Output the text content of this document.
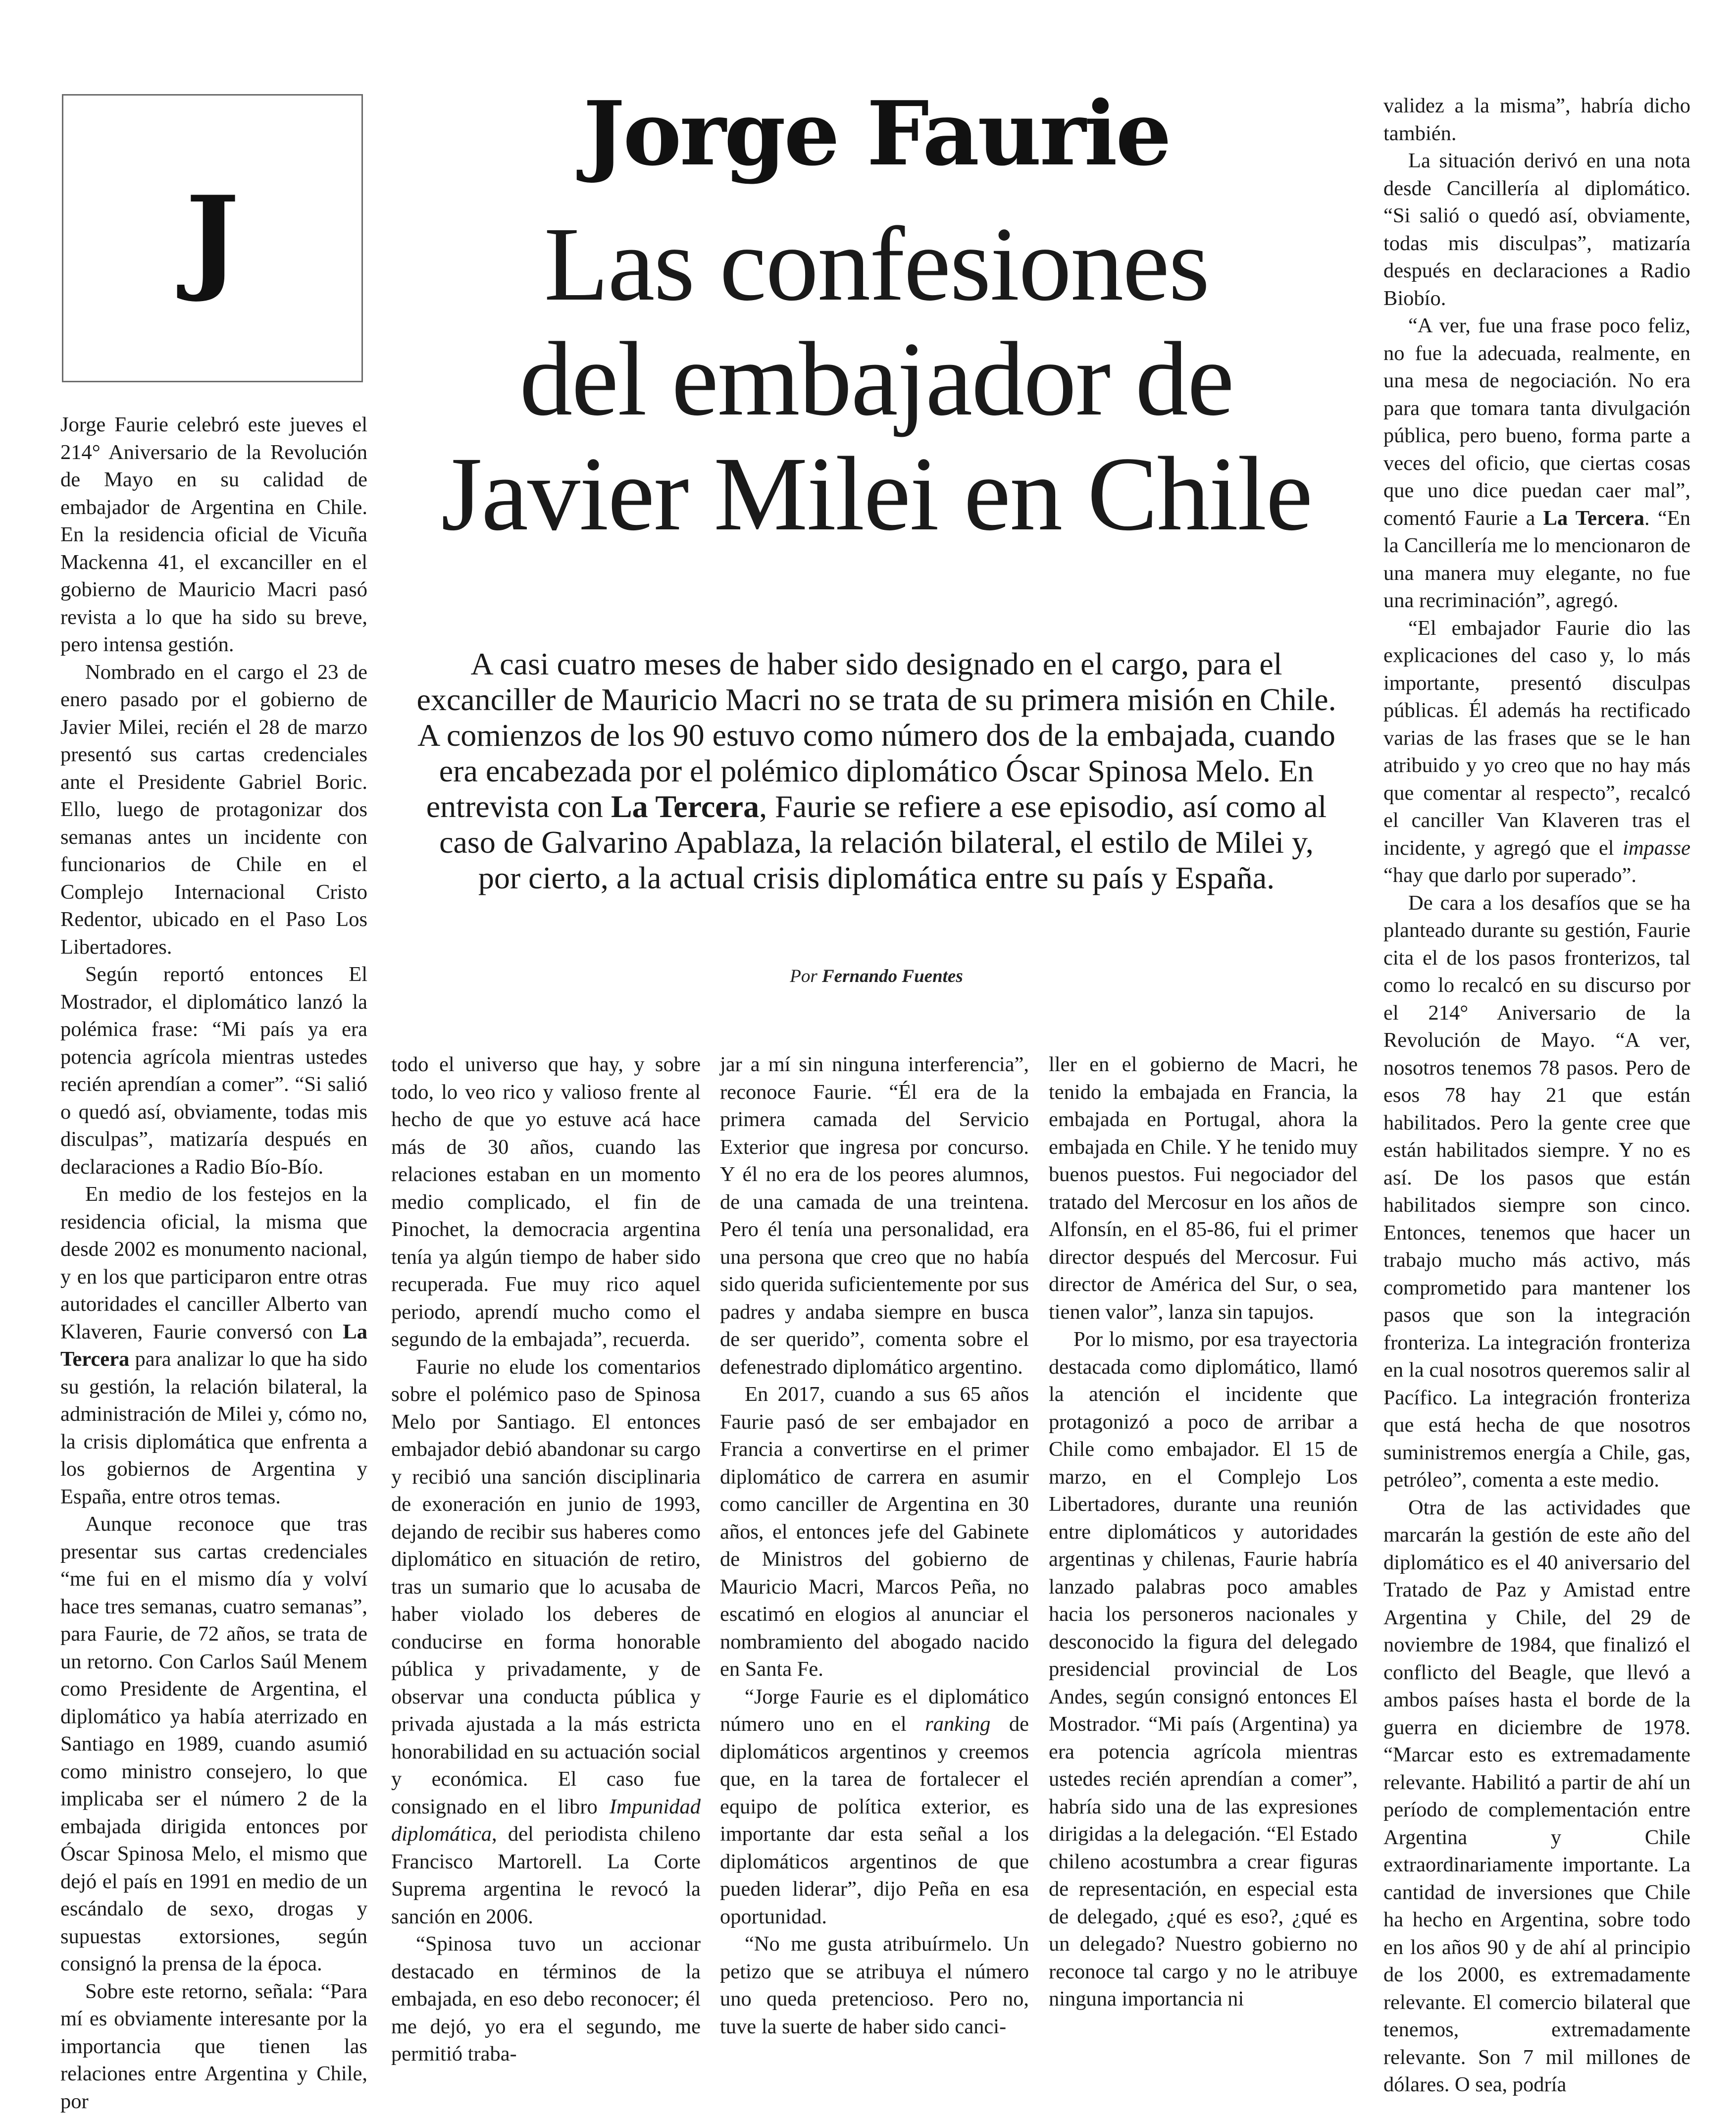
J
Jorge Faurie
Las confesiones
del embajador de
Javier Milei en Chile
A casi cuatro meses de haber sido designado en el cargo, para el excanciller de Mauricio Macri no se trata de su primera misión en Chile. A comienzos de los 90 estuvo como número dos de la embajada, cuando era encabezada por el polémico diplomático Óscar Spinosa Melo. En entrevista con La Tercera, Faurie se refiere a ese episodio, así como al caso de Galvarino Apablaza, la relación bilateral, el estilo de Milei y, por cierto, a la actual crisis diplomática entre su país y España.
Por Fernando Fuentes

Jorge Faurie celebró este jueves el 214° Aniversario de la Revolución de Mayo en su calidad de embajador de Argentina en Chile. En la residencia oficial de Vicuña Mackenna 41, el excanciller en el gobierno de Mauricio Macri pasó revista a lo que ha sido su breve, pero intensa gestión.

Nombrado en el cargo el 23 de enero pasado por el gobierno de Javier Milei, recién el 28 de marzo presentó sus cartas credenciales ante el Presidente Gabriel Boric. Ello, luego de protagonizar dos semanas antes un incidente con funcionarios de Chile en el Complejo Internacional Cristo Redentor, ubicado en el Paso Los Libertadores.

Según reportó entonces El Mostrador, el diplomático lanzó la polémica frase: “Mi país ya era potencia agrícola mientras ustedes recién aprendían a comer”. “Si salió o quedó así, obviamente, todas mis disculpas”, matizaría después en declaraciones a Radio Bío-Bío.

En medio de los festejos en la residencia oficial, la misma que desde 2002 es monumento nacional, y en los que participaron entre otras autoridades el canciller Alberto van Klaveren, Faurie conversó con La Tercera para analizar lo que ha sido su gestión, la relación bilateral, la administración de Milei y, cómo no, la crisis diplomática que enfrenta a los gobiernos de Argentina y España, entre otros temas.

Aunque reconoce que tras presentar sus cartas credenciales “me fui en el mismo día y volví hace tres semanas, cuatro semanas”, para Faurie, de 72 años, se trata de un retorno. Con Carlos Saúl Menem como Presidente de Argentina, el diplomático ya había aterrizado en Santiago en 1989, cuando asumió como ministro consejero, lo que implicaba ser el número 2 de la embajada dirigida entonces por Óscar Spinosa Melo, el mismo que dejó el país en 1991 en medio de un escándalo de sexo, drogas y supuestas extorsiones, según consignó la prensa de la época.

Sobre este retorno, señala: “Para mí es obviamente interesante por la importancia que tienen las relaciones entre Argentina y Chile, por

todo el universo que hay, y sobre todo, lo veo rico y valioso frente al hecho de que yo estuve acá hace más de 30 años, cuando las relaciones estaban en un momento medio complicado, el fin de Pinochet, la democracia argentina tenía ya algún tiempo de haber sido recuperada. Fue muy rico aquel periodo, aprendí mucho como el segundo de la embajada”, recuerda.

Faurie no elude los comentarios sobre el polémico paso de Spinosa Melo por Santiago. El entonces embajador debió abandonar su cargo y recibió una sanción disciplinaria de exoneración en junio de 1993, dejando de recibir sus haberes como diplomático en situación de retiro, tras un sumario que lo acusaba de haber violado los deberes de conducirse en forma honorable pública y privadamente, y de observar una conducta pública y privada ajustada a la más estricta honorabilidad en su actuación social y económica. El caso fue consignado en el libro Impunidad diplomática, del periodista chileno Francisco Martorell. La Corte Suprema argentina le revocó la sanción en 2006.

“Spinosa tuvo un accionar destacado en términos de la embajada, en eso debo reconocer; él me dejó, yo era el segundo, me permitió traba-

jar a mí sin ninguna interferencia”, reconoce Faurie. “Él era de la primera camada del Servicio Exterior que ingresa por concurso. Y él no era de los peores alumnos, de una camada de una treintena. Pero él tenía una personalidad, era una persona que creo que no había sido querida suficientemente por sus padres y andaba siempre en busca de ser querido”, comenta sobre el defenestrado diplomático argentino.

En 2017, cuando a sus 65 años Faurie pasó de ser embajador en Francia a convertirse en el primer diplomático de carrera en asumir como canciller de Argentina en 30 años, el entonces jefe del Gabinete de Ministros del gobierno de Mauricio Macri, Marcos Peña, no escatimó en elogios al anunciar el nombramiento del abogado nacido en Santa Fe.

“Jorge Faurie es el diplomático número uno en el ranking de diplomáticos argentinos y creemos que, en la tarea de fortalecer el equipo de política exterior, es importante dar esta señal a los diplomáticos argentinos de que pueden liderar”, dijo Peña en esa oportunidad.

“No me gusta atribuírmelo. Un petizo que se atribuya el número uno queda pretencioso. Pero no, tuve la suerte de haber sido canci-

ller en el gobierno de Macri, he tenido la embajada en Francia, la embajada en Portugal, ahora la embajada en Chile. Y he tenido muy buenos puestos. Fui negociador del tratado del Mercosur en los años de Alfonsín, en el 85-86, fui el primer director después del Mercosur. Fui director de América del Sur, o sea, tienen valor”, lanza sin tapujos.

Por lo mismo, por esa trayectoria destacada como diplomático, llamó la atención el incidente que protagonizó a poco de arribar a Chile como embajador. El 15 de marzo, en el Complejo Los Libertadores, durante una reunión entre diplomáticos y autoridades argentinas y chilenas, Faurie habría lanzado palabras poco amables hacia los personeros nacionales y desconocido la figura del delegado presidencial provincial de Los Andes, según consignó entonces El Mostrador. “Mi país (Argentina) ya era potencia agrícola mientras ustedes recién aprendían a comer”, habría sido una de las expresiones dirigidas a la delegación. “El Estado chileno acostumbra a crear figuras de representación, en especial esta de delegado, ¿qué es eso?, ¿qué es un delegado? Nuestro gobierno no reconoce tal cargo y no le atribuye ninguna importancia ni

validez a la misma”, habría dicho también.

La situación derivó en una nota desde Cancillería al diplomático. “Si salió o quedó así, obviamente, todas mis disculpas”, matizaría después en declaraciones a Radio Biobío.

“A ver, fue una frase poco feliz, no fue la adecuada, realmente, en una mesa de negociación. No era para que tomara tanta divulgación pública, pero bueno, forma parte a veces del oficio, que ciertas cosas que uno dice puedan caer mal”, comentó Faurie a La Tercera. “En la Cancillería me lo mencionaron de una manera muy elegante, no fue una recriminación”, agregó.

“El embajador Faurie dio las explicaciones del caso y, lo más importante, presentó disculpas públicas. Él además ha rectificado varias de las frases que se le han atribuido y yo creo que no hay más que comentar al respecto”, recalcó el canciller Van Klaveren tras el incidente, y agregó que el impasse “hay que darlo por superado”.

De cara a los desafíos que se ha planteado durante su gestión, Faurie cita el de los pasos fronterizos, tal como lo recalcó en su discurso por el 214° Aniversario de la Revolución de Mayo. “A ver, nosotros tenemos 78 pasos. Pero de esos 78 hay 21 que están habilitados. Pero la gente cree que están habilitados siempre. Y no es así. De los pasos que están habilitados siempre son cinco. Entonces, tenemos que hacer un trabajo mucho más activo, más comprometido para mantener los pasos que son la integración fronteriza. La integración fronteriza en la cual nosotros queremos salir al Pacífico. La integración fronteriza que está hecha de que nosotros suministremos energía a Chile, gas, petróleo”, comenta a este medio.

Otra de las actividades que marcarán la gestión de este año del diplomático es el 40 aniversario del Tratado de Paz y Amistad entre Argentina y Chile, del 29 de noviembre de 1984, que finalizó el conflicto del Beagle, que llevó a ambos países hasta el borde de la guerra en diciembre de 1978. “Marcar esto es extremadamente relevante. Habilitó a partir de ahí un período de complementación entre Argentina y Chile extraordinariamente importante. La cantidad de inversiones que Chile ha hecho en Argentina, sobre todo en los años 90 y de ahí al principio de los 2000, es extremadamente relevante. El comercio bilateral que tenemos, extremadamente relevante. Son 7 mil millones de dólares. O sea, podría
